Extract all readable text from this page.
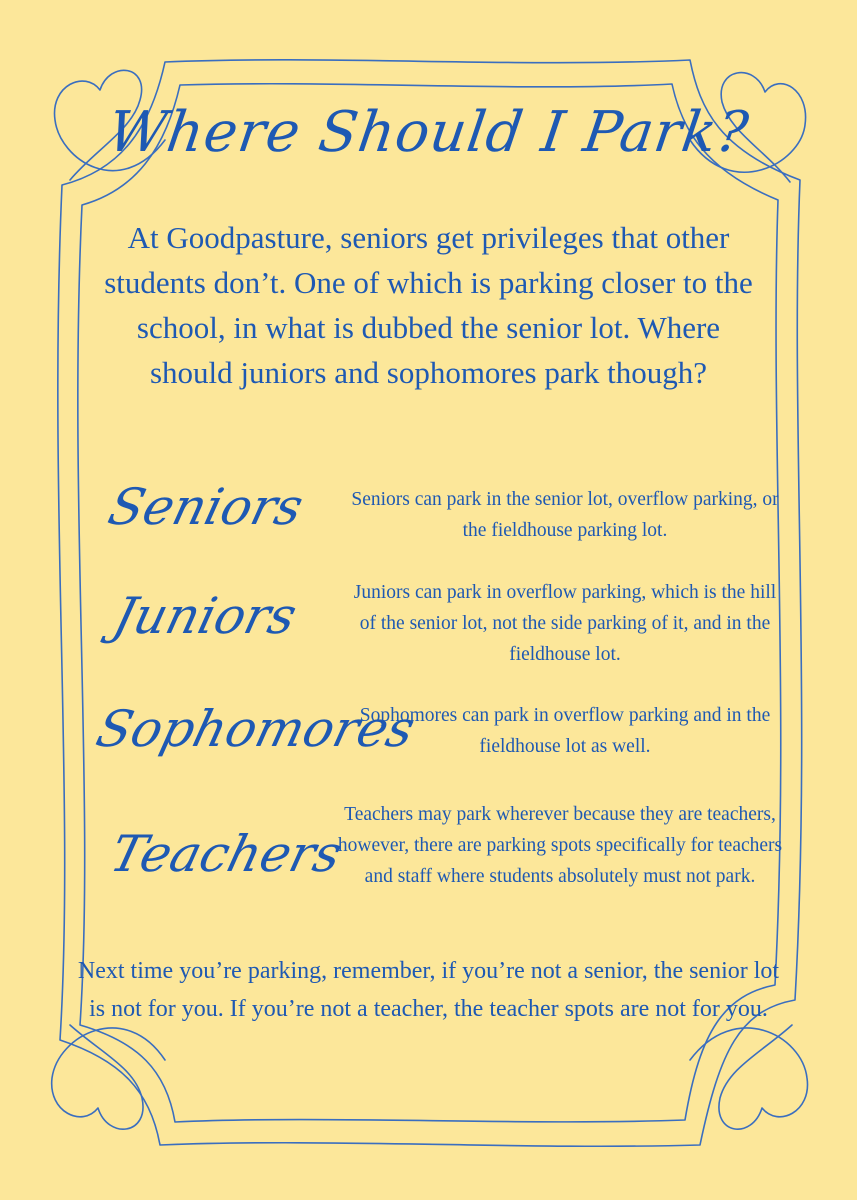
Where Should I Park?
At Goodpasture, seniors get privileges that other students don’t. One of which is parking closer to the school, in what is dubbed the senior lot. Where should juniors and sophomores park though?
Seniors Seniors can park in the senior lot, overflow parking, or the fieldhouse parking lot.
Juniors	Juniors can park in overflow parking, which is the hill of the senior lot, not the side parking of it, and in the fieldhouse lot.
Sophomores
Sophomores can park in overflow parking and in the fieldhouse lot as well.
Teachers
Teachers may park wherever because they are teachers, however, there are parking spots specifically for teachers and staff where students absolutely must not park.
Next time you’re parking, remember, if you’re not a senior, the senior lot is not for you. If you’re not a teacher, the teacher spots are not for you.
